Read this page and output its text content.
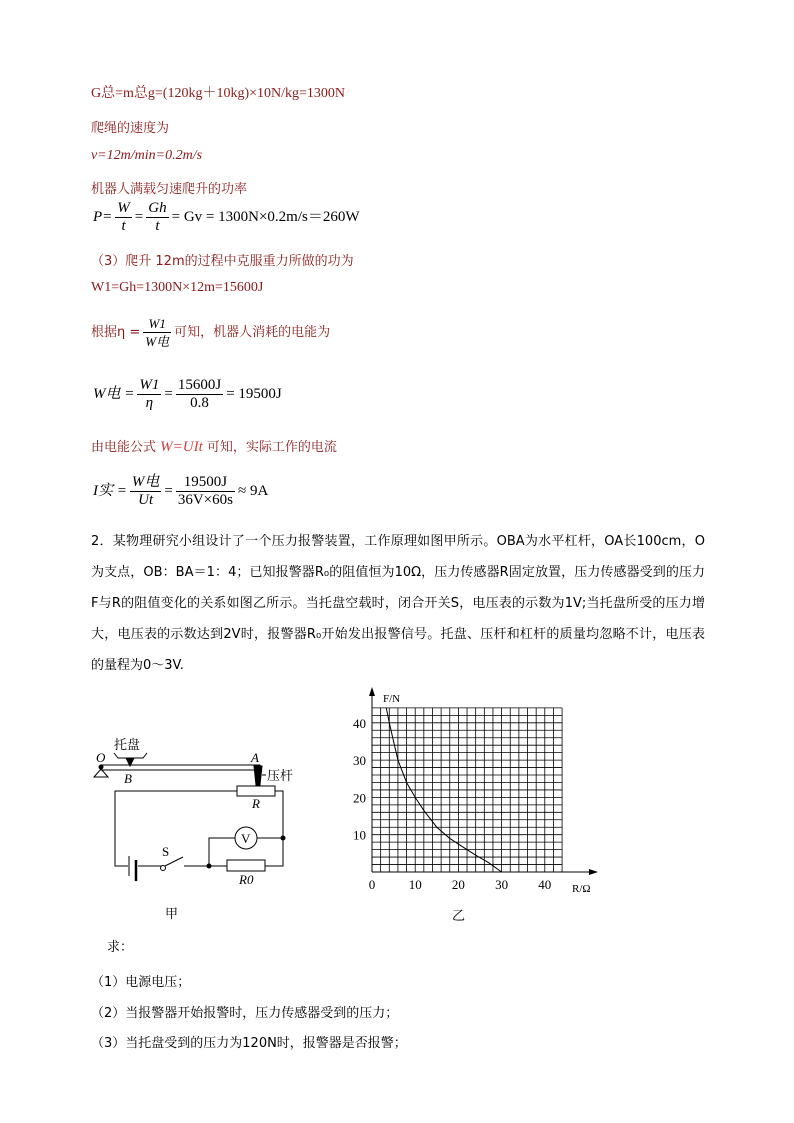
G总=m总g=(120kg＋10kg)×10N/kg=1300N
爬绳的速度为
v=12m/min=0.2m/s
机器人满载匀速爬升的功率
$P= \frac{W}{t} = \frac{Gh}{t} = Gv = 1300N\times 0.2m/s=260W$
（3）爬升 12m的过程中克服重力所做的功为
W1=Gh=1300N×12m=15600J
根据$\eta = \frac{W1}{\text{W电}}$ 可知，机器人消耗的电能为
W电 = $\frac{W1}{\eta} = \frac{15600J}{0.8} = 19500J$
由电能公式 W=UIt 可知，实际工作的电流
I实 = $\frac{\text{W电}}{Ut} = \frac{19500J}{36V\times 60s} \approx 9A$
2．某物理研究小组设计了一个压力报警装置，工作原理如图甲所示。OBA为水平杠杆，OA长100cm，O为支点，OB：BA＝1：4；已知报警器R₀的阻值恒为10Ω，压力传感器R固定放置，压力传感器受到的压力F与R的阻值变化的关系如图乙所示。当托盘空载时，闭合开关S，电压表的示数为1V;当托盘所受的压力增大，电压表的示数达到2V时，报警器R₀开始发出报警信号。托盘、压杆和杠杆的质量均忽略不计，电压表的量程为0～3V.
托盘
O	A
B	压杆
R
V
S
R0
甲
0	10 20 30 40
10
20
30
40
F/N
R/Ω
乙
求：
（1）电源电压；
（2）当报警器开始报警时，压力传感器受到的压力；
（3）当托盘受到的压力为120N时，报警器是否报警；
